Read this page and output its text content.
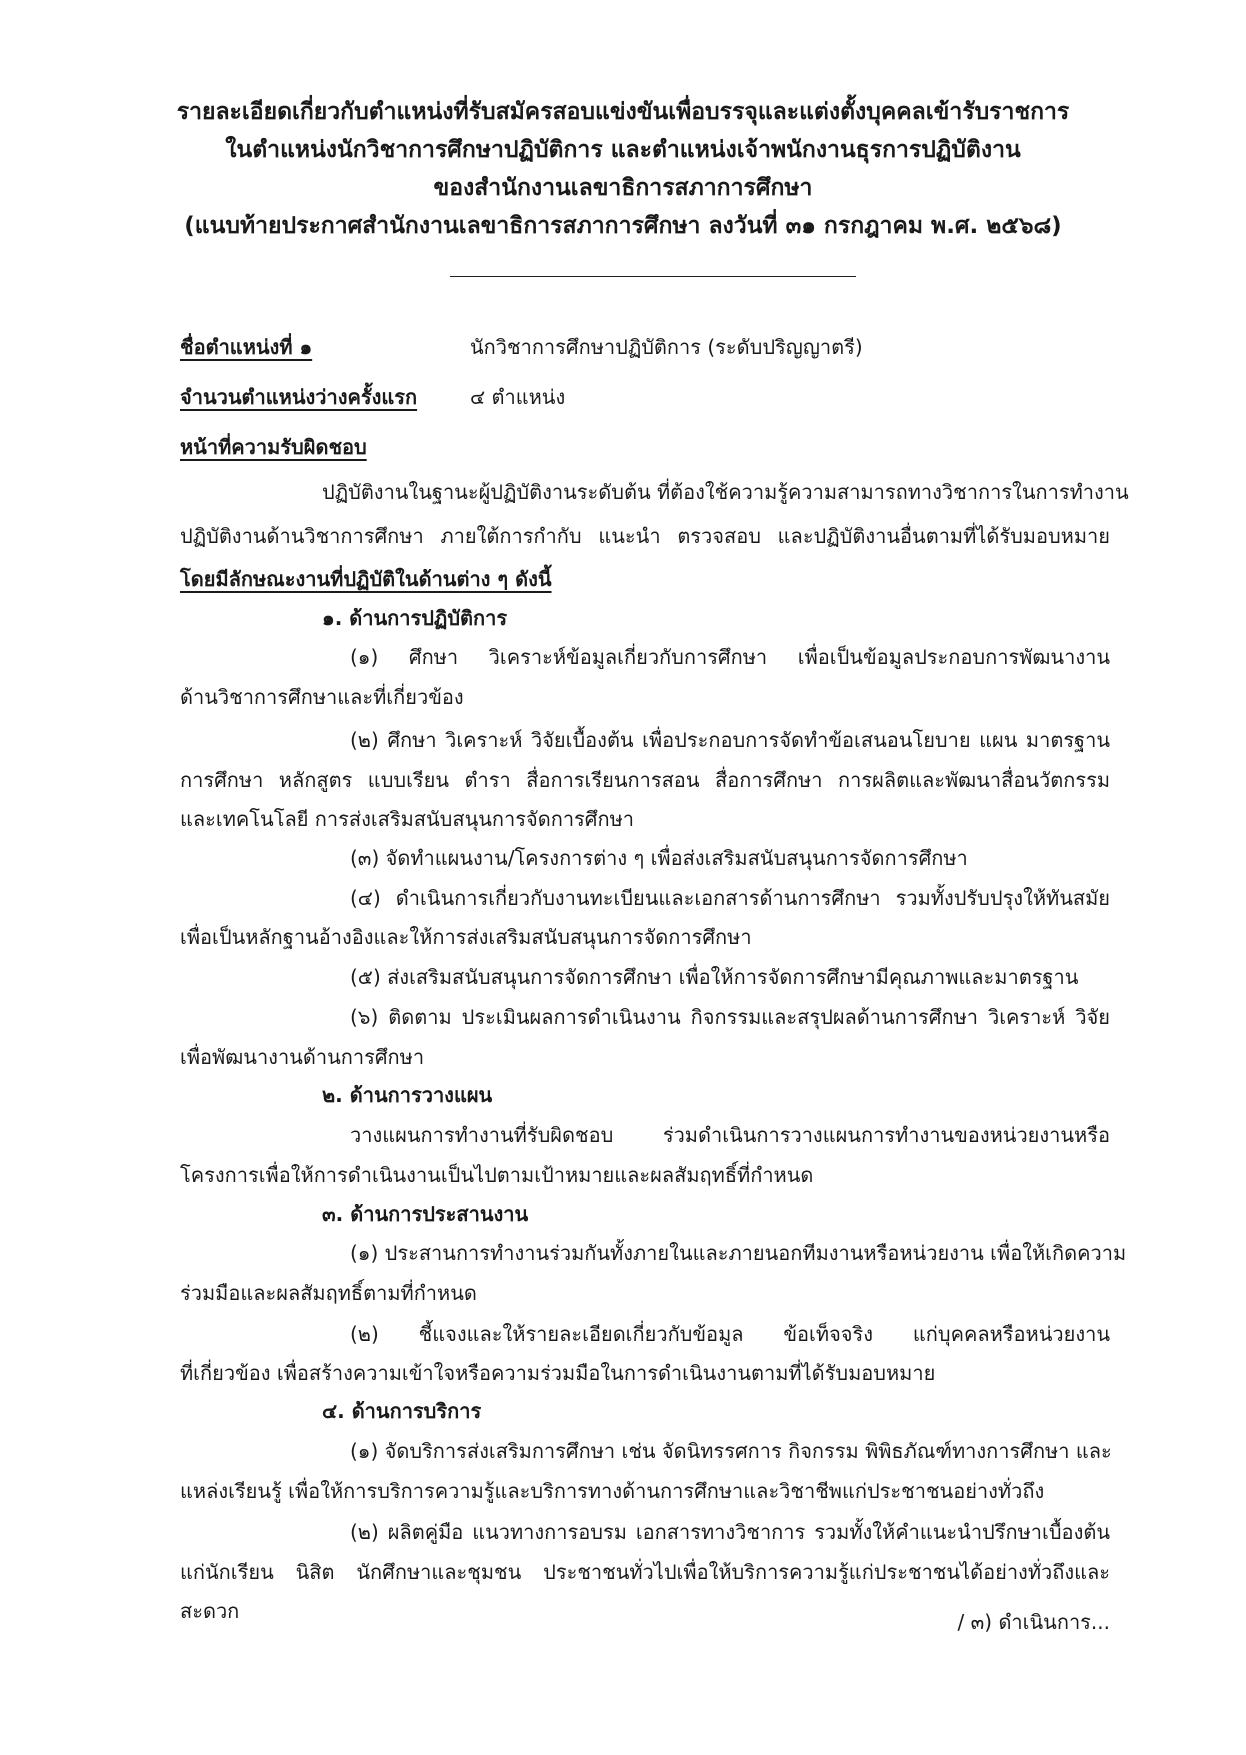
รายละเอียดเกี่ยวกับตำแหน่งที่รับสมัครสอบแข่งขันเพื่อบรรจุและแต่งตั้งบุคคลเข้ารับราชการ
ในตำแหน่งนักวิชาการศึกษาปฏิบัติการ และตำแหน่งเจ้าพนักงานธุรการปฏิบัติงาน
ของสำนักงานเลขาธิการสภาการศึกษา
(แนบท้ายประกาศสำนักงานเลขาธิการสภาการศึกษา ลงวันที่ ๓๑ กรกฎาคม พ.ศ. ๒๕๖๘)
ชื่อตำแหน่งที่ ๑	นักวิชาการศึกษาปฏิบัติการ (ระดับปริญญาตรี)
จำนวนตำแหน่งว่างครั้งแรก	๔ ตำแหน่ง
หน้าที่ความรับผิดชอบ
ปฏิบัติงานในฐานะผู้ปฏิบัติงานระดับต้น ที่ต้องใช้ความรู้ความสามารถทางวิชาการในการทำงาน
ปฏิบัติงานด้านวิชาการศึกษา ภายใต้การกำกับ แนะนำ ตรวจสอบ และปฏิบัติงานอื่นตามที่ได้รับมอบหมาย
โดยมีลักษณะงานที่ปฏิบัติในด้านต่าง ๆ ดังนี้
๑. ด้านการปฏิบัติการ
(๑) ศึกษา วิเคราะห์ข้อมูลเกี่ยวกับการศึกษา เพื่อเป็นข้อมูลประกอบการพัฒนางาน
ด้านวิชาการศึกษาและที่เกี่ยวข้อง
(๒) ศึกษา วิเคราะห์ วิจัยเบื้องต้น เพื่อประกอบการจัดทำข้อเสนอนโยบาย แผน มาตรฐาน
การศึกษา หลักสูตร แบบเรียน ตำรา สื่อการเรียนการสอน สื่อการศึกษา การผลิตและพัฒนาสื่อนวัตกรรม
และเทคโนโลยี การส่งเสริมสนับสนุนการจัดการศึกษา
(๓) จัดทำแผนงาน/โครงการต่าง ๆ เพื่อส่งเสริมสนับสนุนการจัดการศึกษา
(๔) ดำเนินการเกี่ยวกับงานทะเบียนและเอกสารด้านการศึกษา รวมทั้งปรับปรุงให้ทันสมัย
เพื่อเป็นหลักฐานอ้างอิงและให้การส่งเสริมสนับสนุนการจัดการศึกษา
(๕) ส่งเสริมสนับสนุนการจัดการศึกษา เพื่อให้การจัดการศึกษามีคุณภาพและมาตรฐาน
(๖) ติดตาม ประเมินผลการดำเนินงาน กิจกรรมและสรุปผลด้านการศึกษา วิเคราะห์ วิจัย
เพื่อพัฒนางานด้านการศึกษา
๒. ด้านการวางแผน
วางแผนการทำงานที่รับผิดชอบ ร่วมดำเนินการวางแผนการทำงานของหน่วยงานหรือ
โครงการเพื่อให้การดำเนินงานเป็นไปตามเป้าหมายและผลสัมฤทธิ์ที่กำหนด
๓. ด้านการประสานงาน
(๑) ประสานการทำงานร่วมกันทั้งภายในและภายนอกทีมงานหรือหน่วยงาน เพื่อให้เกิดความ
ร่วมมือและผลสัมฤทธิ์ตามที่กำหนด
(๒) ชี้แจงและให้รายละเอียดเกี่ยวกับข้อมูล ข้อเท็จจริง แก่บุคคลหรือหน่วยงาน
ที่เกี่ยวข้อง เพื่อสร้างความเข้าใจหรือความร่วมมือในการดำเนินงานตามที่ได้รับมอบหมาย
๔. ด้านการบริการ
(๑) จัดบริการส่งเสริมการศึกษา เช่น จัดนิทรรศการ กิจกรรม พิพิธภัณฑ์ทางการศึกษา และ
แหล่งเรียนรู้ เพื่อให้การบริการความรู้และบริการทางด้านการศึกษาและวิชาชีพแก่ประชาชนอย่างทั่วถึง
(๒) ผลิตคู่มือ แนวทางการอบรม เอกสารทางวิชาการ รวมทั้งให้คำแนะนำปรึกษาเบื้องต้น
แก่นักเรียน นิสิต นักศึกษาและชุมชน ประชาชนทั่วไปเพื่อให้บริการความรู้แก่ประชาชนได้อย่างทั่วถึงและ
สะดวก	/ ๓) ดำเนินการ...
